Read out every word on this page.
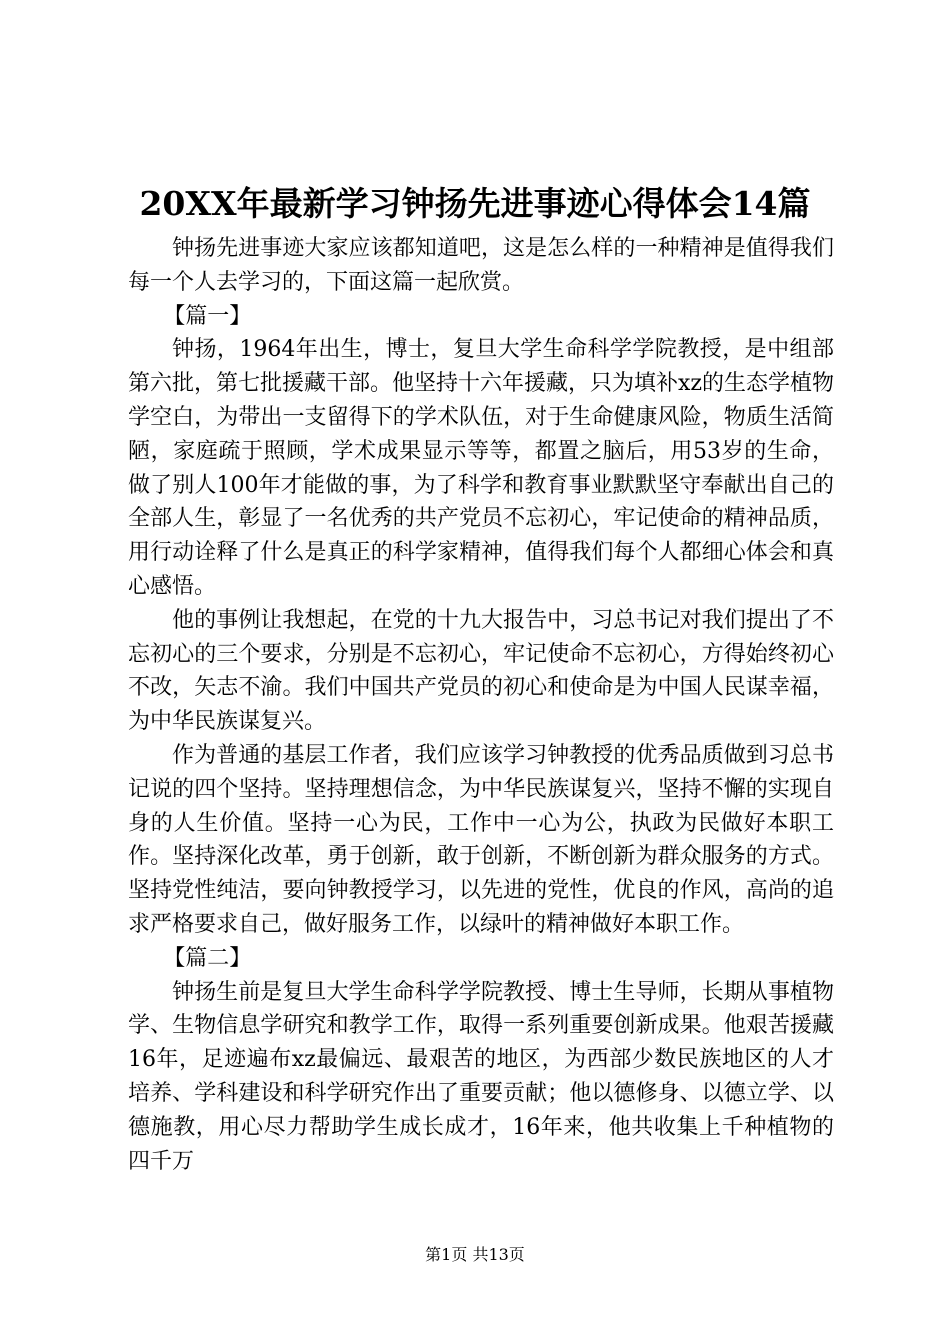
20XX年最新学习钟扬先进事迹心得体会14篇

钟扬先进事迹大家应该都知道吧，这是怎么样的一种精神是值得我们每一个人去学习的，下面这篇一起欣赏。

【篇一】

钟扬，1964年出生，博士，复旦大学生命科学学院教授，是中组部第六批，第七批援藏干部。他坚持十六年援藏，只为填补xz的生态学植物学空白，为带出一支留得下的学术队伍，对于生命健康风险，物质生活简陋，家庭疏于照顾，学术成果显示等等，都置之脑后，用53岁的生命，做了别人100年才能做的事，为了科学和教育事业默默坚守奉献出自己的全部人生，彰显了一名优秀的共产党员不忘初心，牢记使命的精神品质，用行动诠释了什么是真正的科学家精神，值得我们每个人都细心体会和真心感悟。

他的事例让我想起，在党的十九大报告中，习总书记对我们提出了不忘初心的三个要求，分别是不忘初心，牢记使命不忘初心，方得始终初心不改，矢志不渝。我们中国共产党员的初心和使命是为中国人民谋幸福，为中华民族谋复兴。

作为普通的基层工作者，我们应该学习钟教授的优秀品质做到习总书记说的四个坚持。坚持理想信念，为中华民族谋复兴，坚持不懈的实现自身的人生价值。坚持一心为民，工作中一心为公，执政为民做好本职工作。坚持深化改革，勇于创新，敢于创新，不断创新为群众服务的方式。坚持党性纯洁，要向钟教授学习，以先进的党性，优良的作风，高尚的追求严格要求自己，做好服务工作，以绿叶的精神做好本职工作。

【篇二】

钟扬生前是复旦大学生命科学学院教授、博士生导师，长期从事植物学、生物信息学研究和教学工作，取得一系列重要创新成果。他艰苦援藏16年，足迹遍布xz最偏远、最艰苦的地区，为西部少数民族地区的人才培养、学科建设和科学研究作出了重要贡献；他以德修身、以德立学、以德施教，用心尽力帮助学生成长成才，16年来，他共收集上千种植物的四千万

第1页 共13页
